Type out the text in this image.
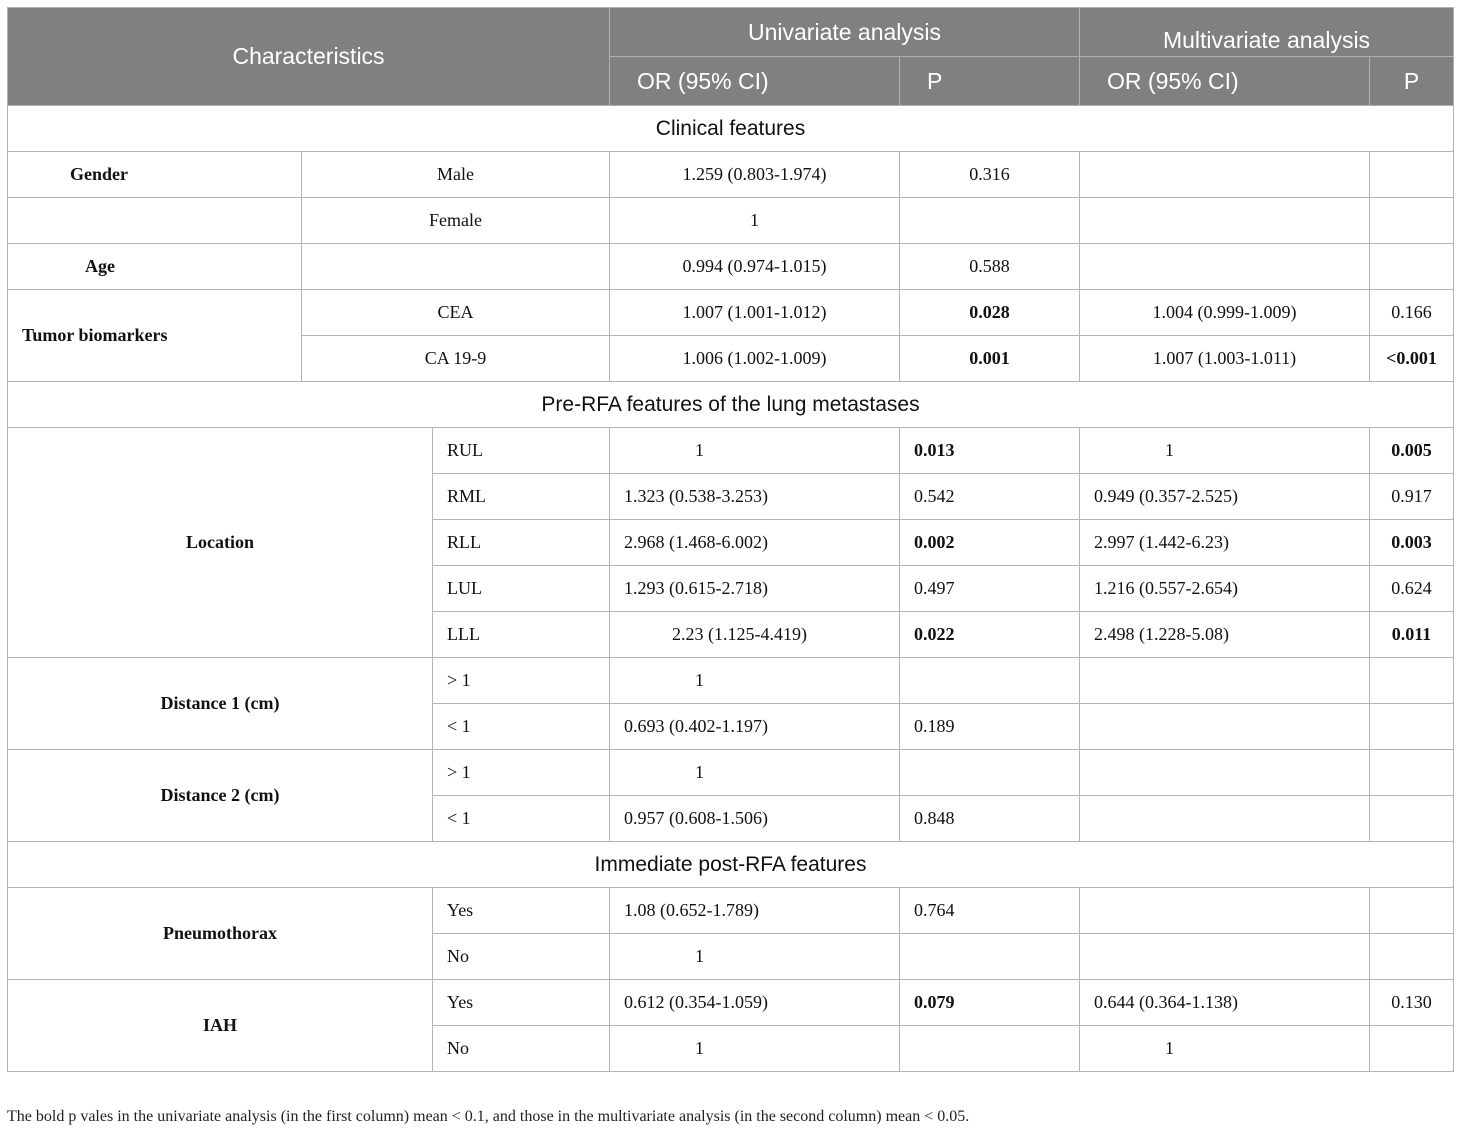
Characteristics			Univariate analysis		Multivariate analysis	
			OR (95% CI)	P	OR (95% CI)	P
Clinical features						
Gender	Male		1.259 (0.803-1.974)	0.316		
	Female		1			
Age			0.994 (0.974-1.015)	0.588		
Tumor biomarkers	CEA		1.007 (1.001-1.012)	0.028	1.004 (0.999-1.009)	0.166
	CA 19-9		1.006 (1.002-1.009)	0.001	1.007 (1.003-1.011)	<0.001
Pre-RFA features of the lung metastases						
Location		RUL	1	0.013	1	0.005
		RML	1.323 (0.538-3.253)	0.542	0.949 (0.357-2.525)	0.917
		RLL	2.968 (1.468-6.002)	0.002	2.997 (1.442-6.23)	0.003
		LUL	1.293 (0.615-2.718)	0.497	1.216 (0.557-2.654)	0.624
		LLL	2.23 (1.125-4.419)	0.022	2.498 (1.228-5.08)	0.011
Distance 1 (cm)		> 1	1			
		< 1	0.693 (0.402-1.197)	0.189		
Distance 2 (cm)		> 1	1			
		< 1	0.957 (0.608-1.506)	0.848		
Immediate post-RFA features						
Pneumothorax		Yes	1.08 (0.652-1.789)	0.764		
		No	1			
IAH		Yes	0.612 (0.354-1.059)	0.079	0.644 (0.364-1.138)	0.130
		No	1		1	

The bold p vales in the univariate analysis (in the first column) mean < 0.1, and those in the multivariate analysis (in the second column) mean < 0.05.
